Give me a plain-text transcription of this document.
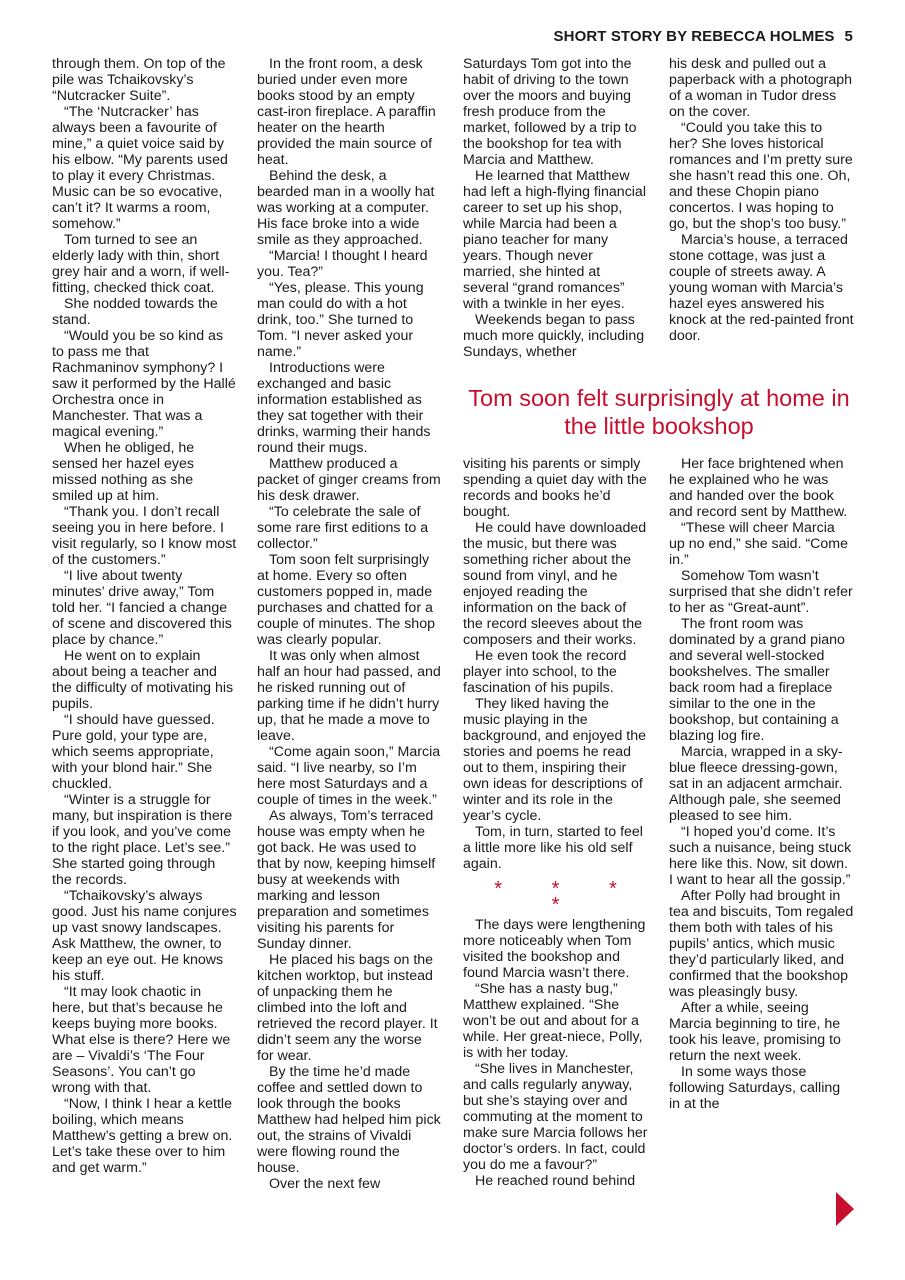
SHORT STORY BY REBECCA HOLMES 5

through them. On top of the pile was Tchaikovsky’s “Nutcracker Suite”.

“The ‘Nutcracker’ has always been a favourite of mine,” a quiet voice said by his elbow. “My parents used to play it every Christmas. Music can be so evocative, can’t it? It warms a room, somehow.”

Tom turned to see an elderly lady with thin, short grey hair and a worn, if well-fitting, checked thick coat.

She nodded towards the stand.

“Would you be so kind as to pass me that Rachmaninov symphony? I saw it performed by the Hallé Orchestra once in Manchester. That was a magical evening.”

When he obliged, he sensed her hazel eyes missed nothing as she smiled up at him.

“Thank you. I don’t recall seeing you in here before. I visit regularly, so I know most of the customers.”

“I live about twenty minutes’ drive away,” Tom told her. “I fancied a change of scene and discovered this place by chance.”

He went on to explain about being a teacher and the difficulty of motivating his pupils.

“I should have guessed. Pure gold, your type are, which seems appropriate, with your blond hair.” She chuckled.

“Winter is a struggle for many, but inspiration is there if you look, and you’ve come to the right place. Let’s see.” She started going through the records.

“Tchaikovsky’s always good. Just his name conjures up vast snowy landscapes. Ask Matthew, the owner, to keep an eye out. He knows his stuff.

“It may look chaotic in here, but that’s because he keeps buying more books. What else is there? Here we are – Vivaldi’s ‘The Four Seasons’. You can’t go wrong with that.

“Now, I think I hear a kettle boiling, which means Matthew’s getting a brew on. Let’s take these over to him and get warm.”

In the front room, a desk buried under even more books stood by an empty cast-iron fireplace. A paraffin heater on the hearth provided the main source of heat.

Behind the desk, a bearded man in a woolly hat was working at a computer. His face broke into a wide smile as they approached.

“Marcia! I thought I heard you. Tea?”

“Yes, please. This young man could do with a hot drink, too.” She turned to Tom. “I never asked your name.”

Introductions were exchanged and basic information established as they sat together with their drinks, warming their hands round their mugs.

Matthew produced a packet of ginger creams from his desk drawer.

“To celebrate the sale of some rare first editions to a collector.”

Tom soon felt surprisingly at home. Every so often customers popped in, made purchases and chatted for a couple of minutes. The shop was clearly popular.

It was only when almost half an hour had passed, and he risked running out of parking time if he didn’t hurry up, that he made a move to leave.

“Come again soon,” Marcia said. “I live nearby, so I’m here most Saturdays and a couple of times in the week.”

As always, Tom’s terraced house was empty when he got back. He was used to that by now, keeping himself busy at weekends with marking and lesson preparation and sometimes visiting his parents for Sunday dinner.

He placed his bags on the kitchen worktop, but instead of unpacking them he climbed into the loft and retrieved the record player. It didn’t seem any the worse for wear.

By the time he’d made coffee and settled down to look through the books Matthew had helped him pick out, the strains of Vivaldi were flowing round the house.

Over the next few

Saturdays Tom got into the habit of driving to the town over the moors and buying fresh produce from the market, followed by a trip to the bookshop for tea with Marcia and Matthew.

He learned that Matthew had left a high-flying financial career to set up his shop, while Marcia had been a piano teacher for many years. Though never married, she hinted at several “grand romances” with a twinkle in her eyes.

Weekends began to pass much more quickly, including Sundays, whether

his desk and pulled out a paperback with a photograph of a woman in Tudor dress on the cover.

“Could you take this to her? She loves historical romances and I’m pretty sure she hasn’t read this one. Oh, and these Chopin piano concertos. I was hoping to go, but the shop’s too busy.”

Marcia’s house, a terraced stone cottage, was just a couple of streets away. A young woman with Marcia’s hazel eyes answered his knock at the red-painted front door.

Tom soon felt surprisingly at home in the little bookshop

visiting his parents or simply spending a quiet day with the records and books he’d bought.

He could have downloaded the music, but there was something richer about the sound from vinyl, and he enjoyed reading the information on the back of the record sleeves about the composers and their works.

He even took the record player into school, to the fascination of his pupils.

They liked having the music playing in the background, and enjoyed the stories and poems he read out to them, inspiring their own ideas for descriptions of winter and its role in the year’s cycle.

Tom, in turn, started to feel a little more like his old self again.

* * * *

The days were lengthening more noticeably when Tom visited the bookshop and found Marcia wasn’t there.

“She has a nasty bug,” Matthew explained. “She won’t be out and about for a while. Her great-niece, Polly, is with her today.

“She lives in Manchester, and calls regularly anyway, but she’s staying over and commuting at the moment to make sure Marcia follows her doctor’s orders. In fact, could you do me a favour?”

He reached round behind

Her face brightened when he explained who he was and handed over the book and record sent by Matthew.

“These will cheer Marcia up no end,” she said. “Come in.”

Somehow Tom wasn’t surprised that she didn’t refer to her as “Great-aunt”.

The front room was dominated by a grand piano and several well-stocked bookshelves. The smaller back room had a fireplace similar to the one in the bookshop, but containing a blazing log fire.

Marcia, wrapped in a sky-blue fleece dressing-gown, sat in an adjacent armchair. Although pale, she seemed pleased to see him.

“I hoped you’d come. It’s such a nuisance, being stuck here like this. Now, sit down. I want to hear all the gossip.”

After Polly had brought in tea and biscuits, Tom regaled them both with tales of his pupils’ antics, which music they’d particularly liked, and confirmed that the bookshop was pleasingly busy.

After a while, seeing Marcia beginning to tire, he took his leave, promising to return the next week.

In some ways those following Saturdays, calling in at the
